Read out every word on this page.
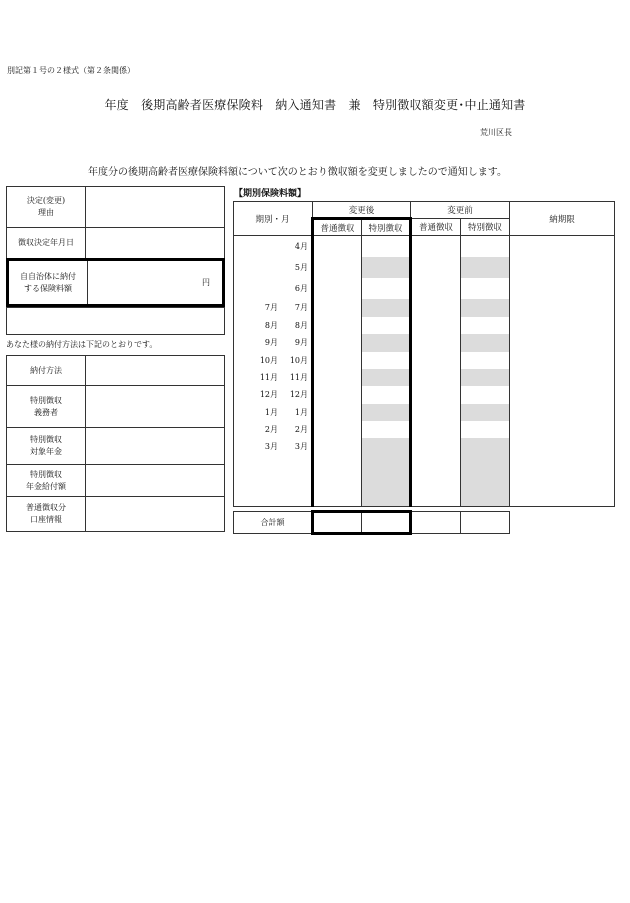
別記第１号の２様式（第２条関係）
年度　後期高齢者医療保険料　納入通知書　兼　特別徴収額変更･中止通知書
荒川区長
年度分の後期高齢者医療保険料額について次のとおり徴収額を変更しましたので通知します。
決定(変更)
理由	
徴収決定年月日	
自自治体に納付
する保険料額	円
あなた様の納付方法は下記のとおりです。
納付方法	
特別徴収
義務者	
特別徴収
対象年金	
特別徴収
年金給付額	
普通徴収分
口座情報	
【期別保険料額】
期別・月	変更後		変更前		納期限
	普通徴収	特別徴収	普通徴収	特別徴収	
4月					
5月					
6月					
7月 7月					
8月 8月					
9月 9月					
10月 10月					
11月 11月					
12月 12月					
1月 1月					
2月 2月					
3月 3月					

合計額				
